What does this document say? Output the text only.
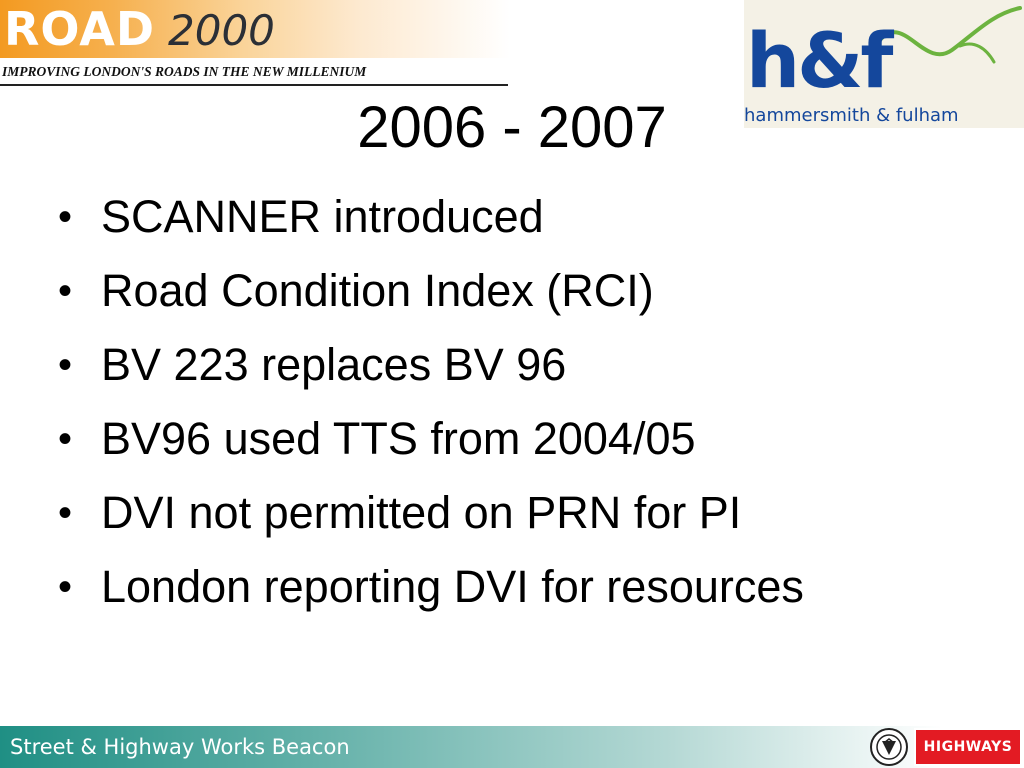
ROAD 2000
IMPROVING LONDON'S ROADS IN THE NEW MILLENIUM	h&f
hammersmith & fulham
2006 - 2007
• SCANNER introduced
• Road Condition Index (RCI)
• BV 223 replaces BV 96
• BV96 used TTS from 2004/05
• DVI not permitted on PRN for PI
• London reporting DVI for resources
Street & Highway Works Beacon	HIGHWAYS
